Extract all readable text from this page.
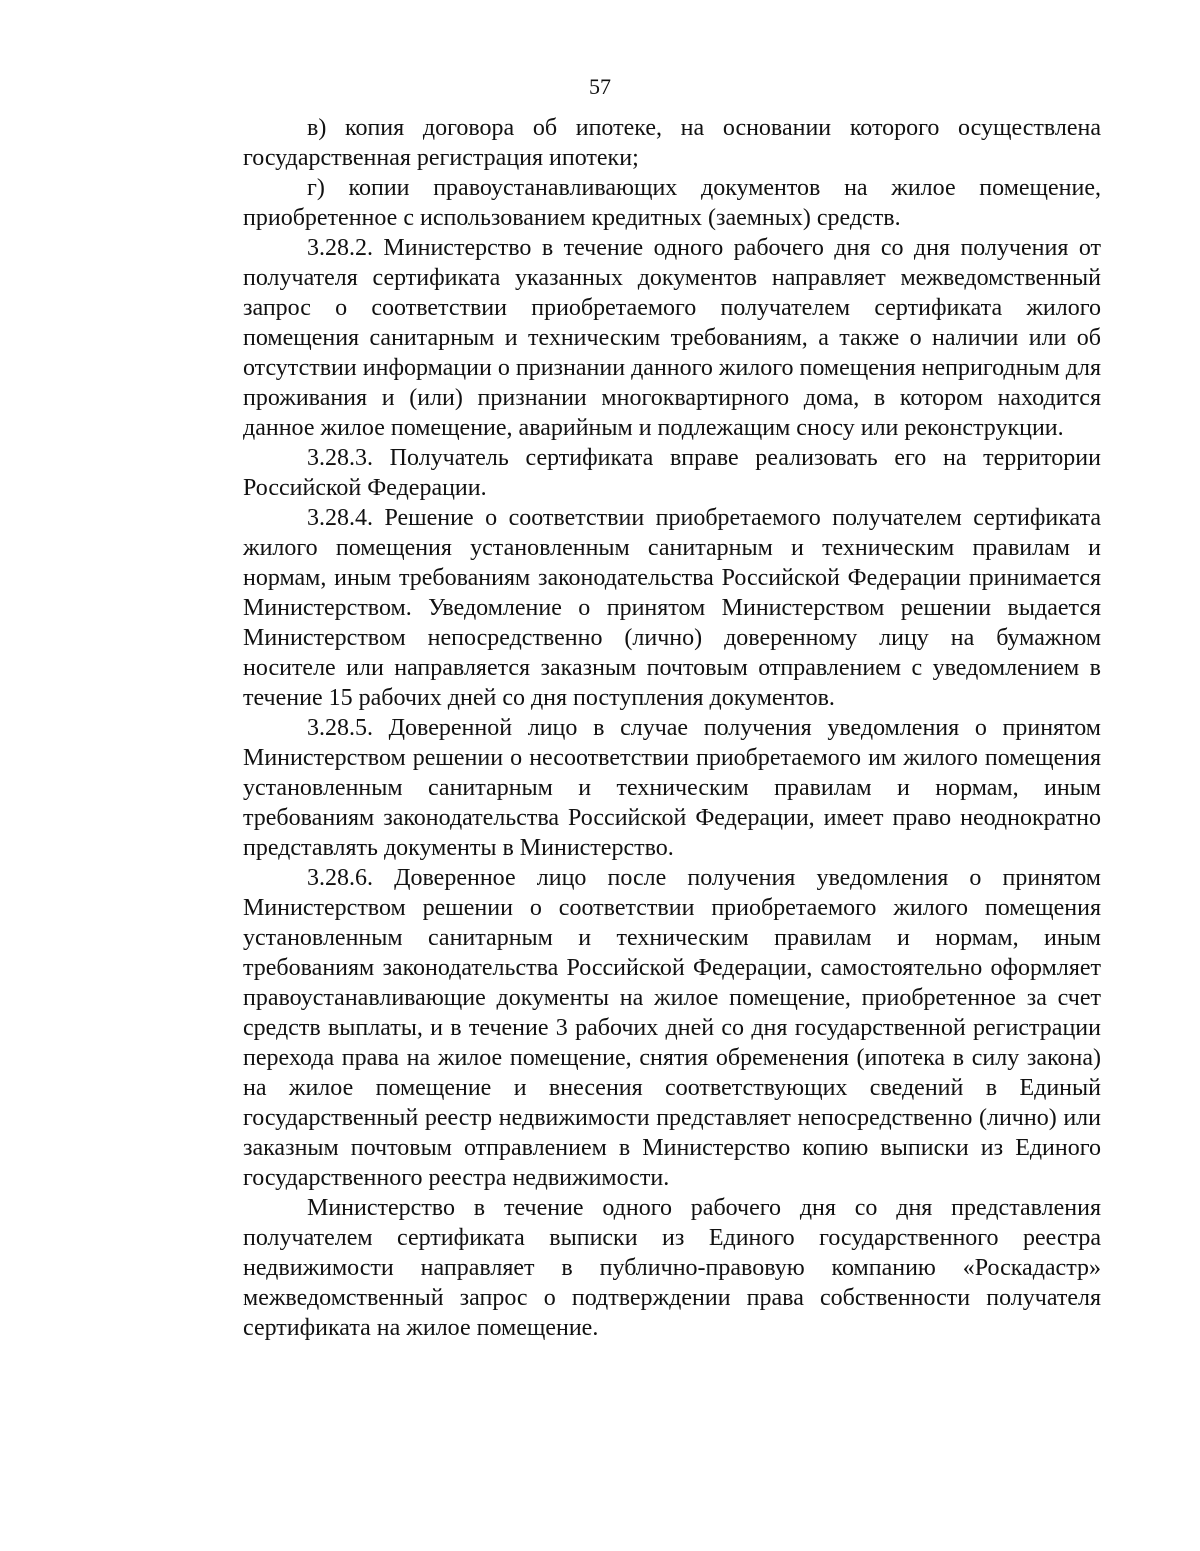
57

в) копия договора об ипотеке, на основании которого осуществлена государственная регистрация ипотеки;

г) копии правоустанавливающих документов на жилое помещение, приобретенное с использованием кредитных (заемных) средств.

3.28.2. Министерство в течение одного рабочего дня со дня получения от получателя сертификата указанных документов направляет межведомственный запрос о соответствии приобретаемого получателем сертификата жилого помещения санитарным и техническим требованиям, а также о наличии или об отсутствии информации о признании данного жилого помещения непригодным для проживания и (или) признании многоквартирного дома, в котором находится данное жилое помещение, аварийным и подлежащим сносу или реконструкции.

3.28.3. Получатель сертификата вправе реализовать его на территории Российской Федерации.

3.28.4. Решение о соответствии приобретаемого получателем сертификата жилого помещения установленным санитарным и техническим правилам и нормам, иным требованиям законодательства Российской Федерации принимается Министерством. Уведомление о принятом Министерством решении выдается Министерством непосредственно (лично) доверенному лицу на бумажном носителе или направляется заказным почтовым отправлением с уведомлением в течение 15 рабочих дней со дня поступления документов.

3.28.5. Доверенной лицо в случае получения уведомления о принятом Министерством решении о несоответствии приобретаемого им жилого помещения установленным санитарным и техническим правилам и нормам, иным требованиям законодательства Российской Федерации, имеет право неоднократно представлять документы в Министерство.

3.28.6. Доверенное лицо после получения уведомления о принятом Министерством решении о соответствии приобретаемого жилого помещения установленным санитарным и техническим правилам и нормам, иным требованиям законодательства Российской Федерации, самостоятельно оформляет правоустанавливающие документы на жилое помещение, приобретенное за счет средств выплаты, и в течение 3 рабочих дней со дня государственной регистрации перехода права на жилое помещение, снятия обременения (ипотека в силу закона) на жилое помещение и внесения соответствующих сведений в Единый государственный реестр недвижимости представляет непосредственно (лично) или заказным почтовым отправлением в Министерство копию выписки из Единого государственного реестра недвижимости.

Министерство в течение одного рабочего дня со дня представления получателем сертификата выписки из Единого государственного реестра недвижимости направляет в публично-правовую компанию «Роскадастр» межведомственный запрос о подтверждении права собственности получателя сертификата на жилое помещение.
